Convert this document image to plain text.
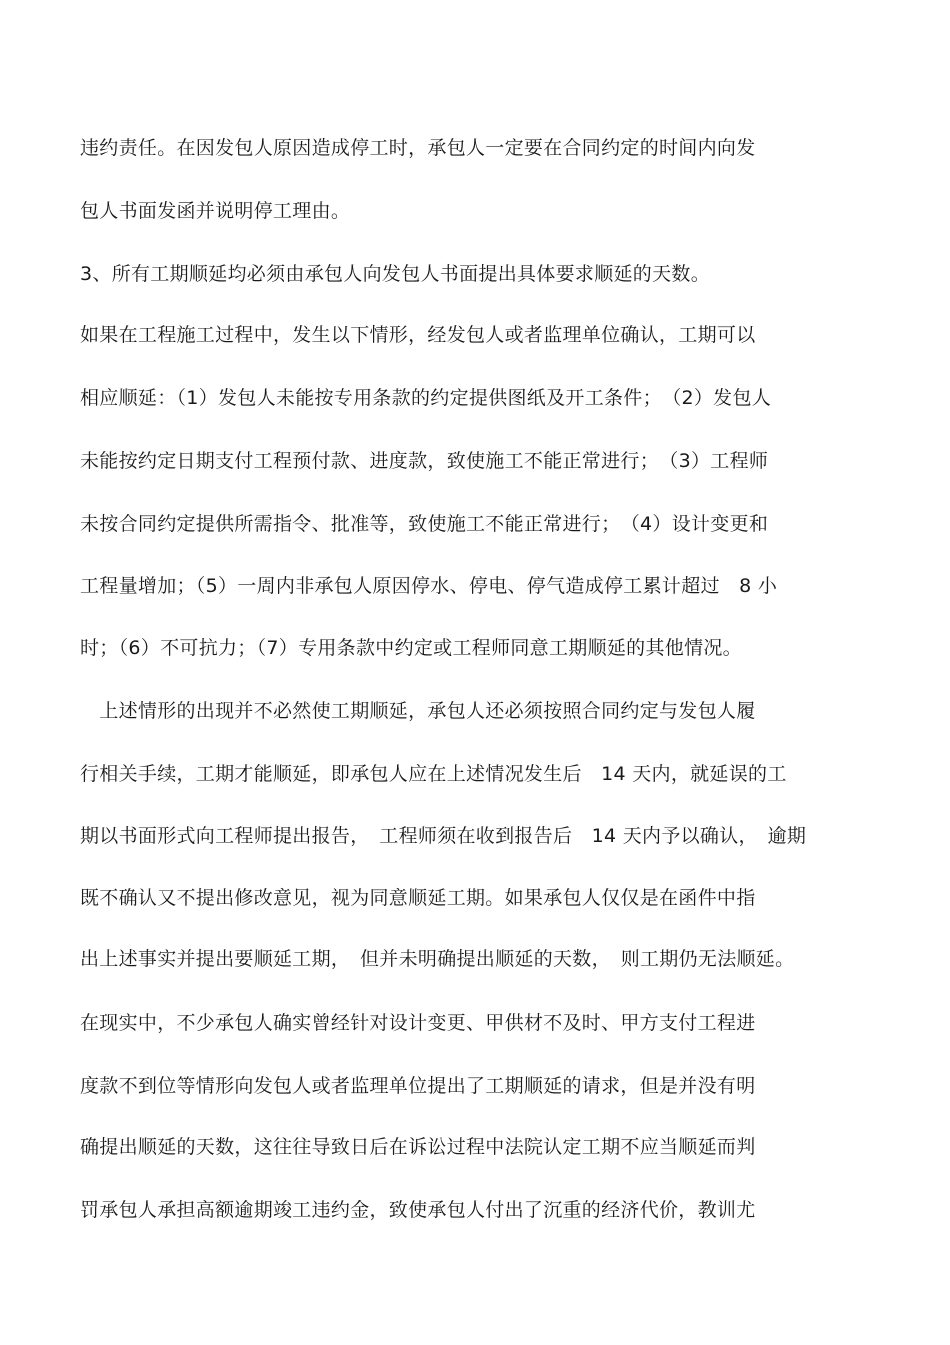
违约责任。在因发包人原因造成停工时，承包人一定要在合同约定的时间内向发
包人书面发函并说明停工理由。
3、所有工期顺延均必须由承包人向发包人书面提出具体要求顺延的天数。
如果在工程施工过程中，发生以下情形，经发包人或者监理单位确认，工期可以
相应顺延：（1）发包人未能按专用条款的约定提供图纸及开工条件；　（2）发包人
未能按约定日期支付工程预付款、进度款，致使施工不能正常进行；　（3）工程师
未按合同约定提供所需指令、批准等，致使施工不能正常进行；　（4）设计变更和
工程量增加；（5）一周内非承包人原因停水、停电、停气造成停工累计超过　8 小
时；（6）不可抗力；（7）专用条款中约定或工程师同意工期顺延的其他情况。
　上述情形的出现并不必然使工期顺延，承包人还必须按照合同约定与发包人履
行相关手续，工期才能顺延，即承包人应在上述情况发生后　14 天内，就延误的工
期以书面形式向工程师提出报告，　工程师须在收到报告后　14 天内予以确认，　逾期
既不确认又不提出修改意见，视为同意顺延工期。如果承包人仅仅是在函件中指
出上述事实并提出要顺延工期，　但并未明确提出顺延的天数，　则工期仍无法顺延。
在现实中，不少承包人确实曾经针对设计变更、甲供材不及时、甲方支付工程进
度款不到位等情形向发包人或者监理单位提出了工期顺延的请求，但是并没有明
确提出顺延的天数，这往往导致日后在诉讼过程中法院认定工期不应当顺延而判
罚承包人承担高额逾期竣工违约金，致使承包人付出了沉重的经济代价，教训尤
